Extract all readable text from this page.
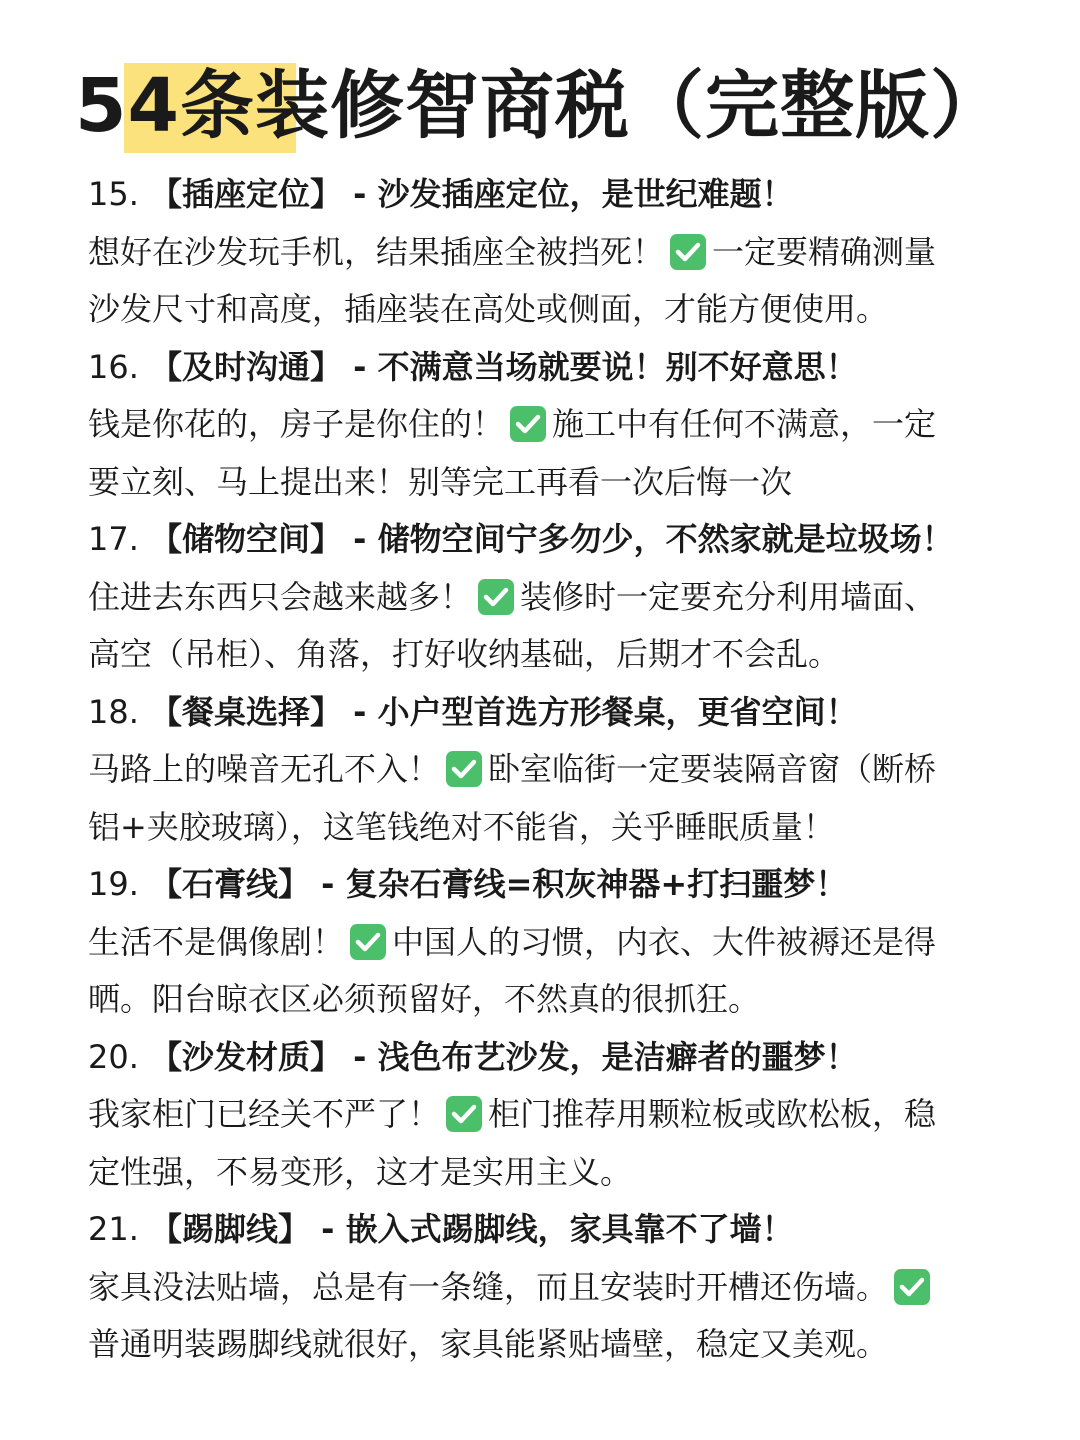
54条装修智商税（完整版）
15. 【插座定位】 - 沙发插座定位，是世纪难题！
想好在沙发玩手机，结果插座全被挡死！ 一定要精确测量
沙发尺寸和高度，插座装在高处或侧面，才能方便使用。
16. 【及时沟通】 - 不满意当场就要说！别不好意思！
钱是你花的，房子是你住的！ 施工中有任何不满意，一定
要立刻、马上提出来！别等完工再看一次后悔一次
17. 【储物空间】 - 储物空间宁多勿少，不然家就是垃圾场！
住进去东西只会越来越多！ 装修时一定要充分利用墙面、
高空（吊柜）、角落，打好收纳基础，后期才不会乱。
18. 【餐桌选择】 - 小户型首选方形餐桌，更省空间！
马路上的噪音无孔不入！ 卧室临街一定要装隔音窗（断桥
铝+夹胶玻璃），这笔钱绝对不能省，关乎睡眠质量！
19. 【石膏线】 - 复杂石膏线=积灰神器+打扫噩梦！
生活不是偶像剧！ 中国人的习惯，内衣、大件被褥还是得
晒。阳台晾衣区必须预留好，不然真的很抓狂。
20. 【沙发材质】 - 浅色布艺沙发，是洁癖者的噩梦！
我家柜门已经关不严了！ 柜门推荐用颗粒板或欧松板，稳
定性强，不易变形，这才是实用主义。
21. 【踢脚线】 - 嵌入式踢脚线，家具靠不了墙！
家具没法贴墙，总是有一条缝，而且安装时开槽还伤墙。
普通明装踢脚线就很好，家具能紧贴墙壁，稳定又美观。
